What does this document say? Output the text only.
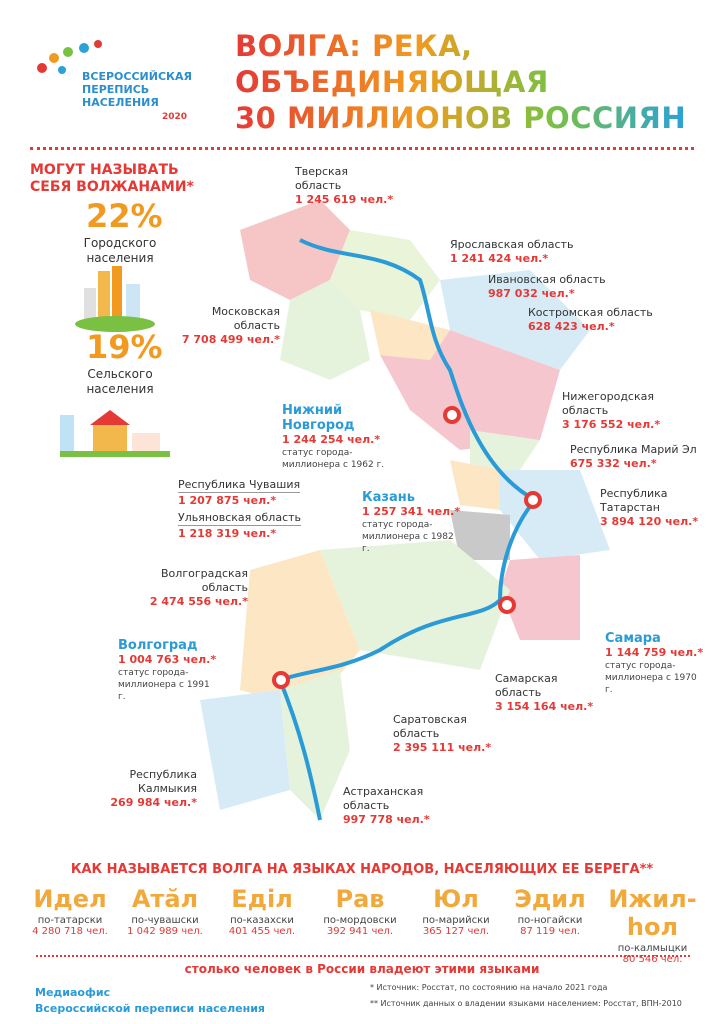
ВСЕРОССИЙСКАЯ ПЕРЕПИСЬ НАСЕЛЕНИЯ
2020
ВОЛГА: РЕКА,
ОБЪЕДИНЯЮЩАЯ
30 МИЛЛИОНОВ РОССИЯН
МОГУТ НАЗЫВАТЬ СЕБЯ ВОЛЖАНАМИ*
22%
Городского населения
19%
Сельского населения
Тверская область
1 245 619 чел.*
Ярославская область
1 241 424 чел.*
Ивановская область
987 032 чел.*
Костромская область
628 423 чел.*
Московская область
7 708 499 чел.*
Нижегородская область
3 176 552 чел.*
Республика Марий Эл
675 332 чел.*
Республика Татарстан
3 894 120 чел.*
Республика Чувашия
1 207 875 чел.*
Ульяновская область
1 218 319 чел.*
Волгоградская область
2 474 556 чел.*
Самарская область
3 154 164 чел.*
Саратовская область
2 395 111 чел.*
Республика Калмыкия
269 984 чел.*
Астраханская область
997 778 чел.*
Нижний Новгород
1 244 254 чел.*
статус города-миллионера с 1962 г.
Казань
1 257 341 чел.*
статус города-миллионера с 1982 г.
Волгоград
1 004 763 чел.*
статус города-миллионера с 1991 г.
Самара
1 144 759 чел.*
статус города-миллионера с 1970 г.
КАК НАЗЫВАЕТСЯ ВОЛГА НА ЯЗЫКАХ НАРОДОВ, НАСЕЛЯЮЩИХ ЕЕ БЕРЕГА**
Идел
по-татарски
4 280 718 чел.
Атӑл
по-чувашски
1 042 989 чел.
Еділ
по-казахски
401 455 чел.
Рав
по-мордовски
392 941 чел.
Юл
по-марийски
365 127 чел.
Эдил
по-ногайски
87 119 чел.
Ижил-һол
по-калмыцки
80 546 чел.
столько человек в России владеют этими языками
Медиаофис
Всероссийской переписи населения
* Источник: Росстат, по состоянию на начало 2021 года
** Источник данных о владении языками населением: Росстат, ВПН-2010
